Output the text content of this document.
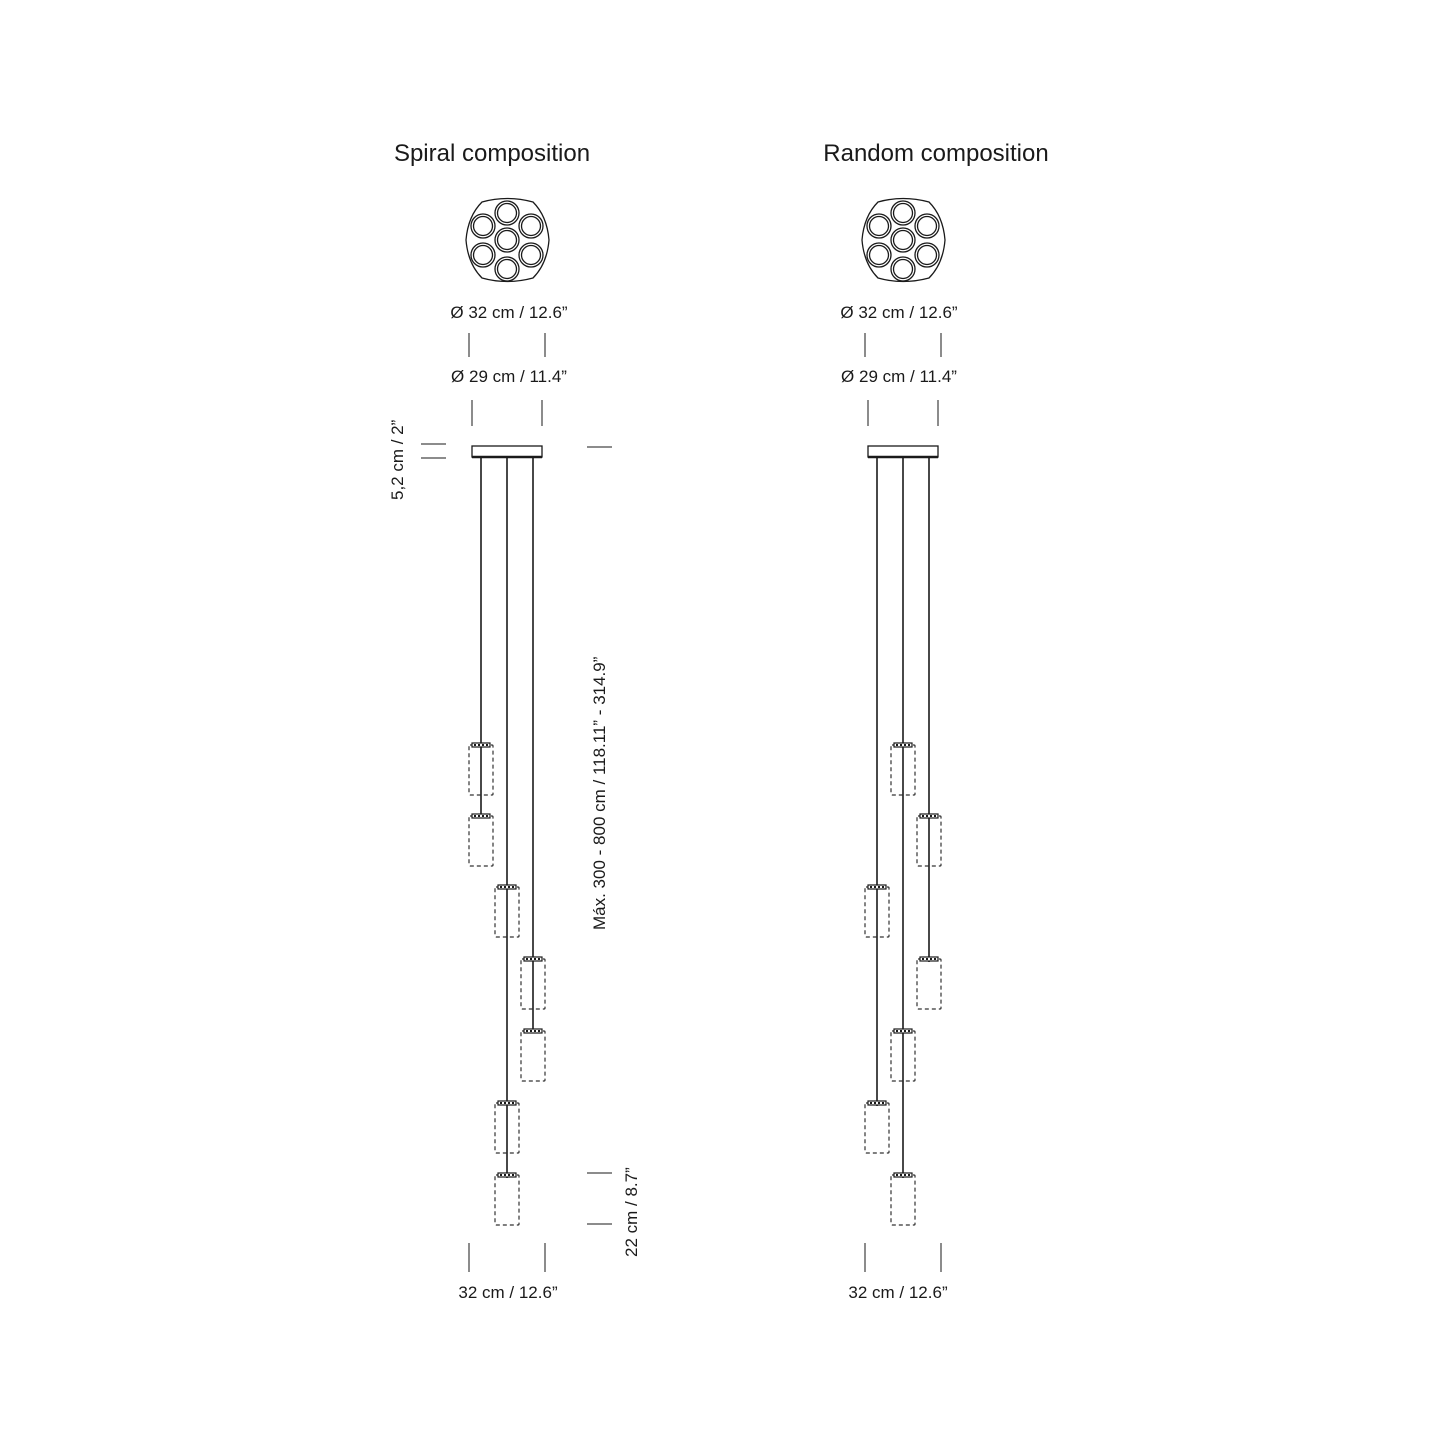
Spiral composition	Random composition
Ø 32 cm / 12.6”
Ø 29 cm / 11.4”
32 cm / 12.6”
5,2 cm / 2”
Máx. 300 - 800 cm / 118.11” - 314.9”
22 cm / 8.7”
Ø 32 cm / 12.6”
Ø 29 cm / 11.4”
32 cm / 12.6”
